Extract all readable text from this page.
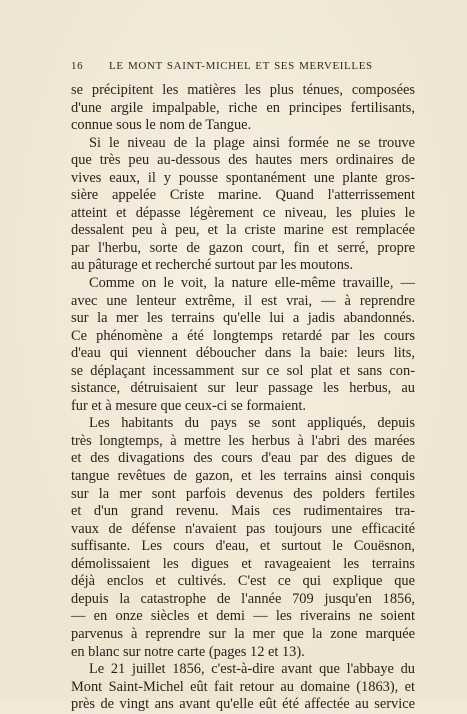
16 LE MONT SAINT-MICHEL ET SES MERVEILLES
se précipitent les matières les plus ténues, composées
d'une argile impalpable, riche en principes fertilisants,
connue sous le nom de Tangue.
Si le niveau de la plage ainsi formée ne se trouve
que très peu au-dessous des hautes mers ordinaires de
vives eaux, il y pousse spontanément une plante gros-
sière appelée Criste marine. Quand l'atterrissement
atteint et dépasse légèrement ce niveau, les pluies le
dessalent peu à peu, et la criste marine est remplacée
par l'herbu, sorte de gazon court, fin et serré, propre
au pâturage et recherché surtout par les moutons.
Comme on le voit, la nature elle-même travaille, —
avec une lenteur extrême, il est vrai, — à reprendre
sur la mer les terrains qu'elle lui a jadis abandonnés.
Ce phénomène a été longtemps retardé par les cours
d'eau qui viennent déboucher dans la baie: leurs lits,
se déplaçant incessamment sur ce sol plat et sans con-
sistance, détruisaient sur leur passage les herbus, au
fur et à mesure que ceux-ci se formaient.
Les habitants du pays se sont appliqués, depuis
très longtemps, à mettre les herbus à l'abri des marées
et des divagations des cours d'eau par des digues de
tangue revêtues de gazon, et les terrains ainsi conquis
sur la mer sont parfois devenus des polders fertiles
et d'un grand revenu. Mais ces rudimentaires tra-
vaux de défense n'avaient pas toujours une efficacité
suffisante. Les cours d'eau, et surtout le Couësnon,
démolissaient les digues et ravageaient les terrains
déjà enclos et cultivés. C'est ce qui explique que
depuis la catastrophe de l'année 709 jusqu'en 1856,
— en onze siècles et demi — les riverains ne soient
parvenus à reprendre sur la mer que la zone marquée
en blanc sur notre carte (pages 12 et 13).
Le 21 juillet 1856, c'est-à-dire avant que l'abbaye du
Mont Saint-Michel eût fait retour au domaine (1863), et
près de vingt ans avant qu'elle eût été affectée au service
